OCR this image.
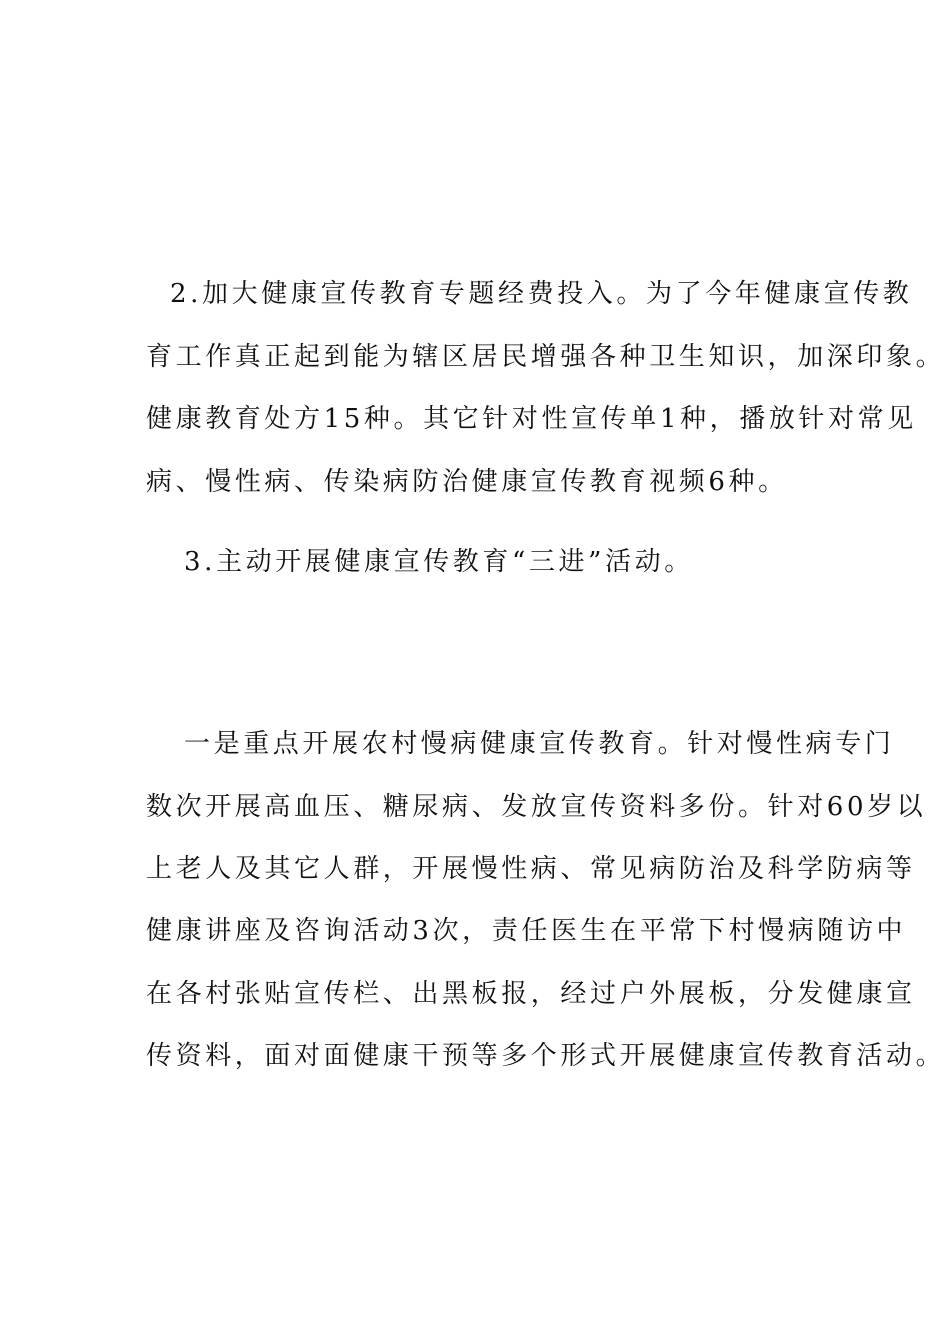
2.加大健康宣传教育专题经费投入。为了今年健康宣传教
育工作真正起到能为辖区居民增强各种卫生知识，加深印象。
健康教育处方15种。其它针对性宣传单1种，播放针对常见
病、慢性病、传染病防治健康宣传教育视频6种。
3.主动开展健康宣传教育“三进”活动。
一是重点开展农村慢病健康宣传教育。针对慢性病专门
数次开展高血压、糖尿病、发放宣传资料多份。针对60岁以
上老人及其它人群，开展慢性病、常见病防治及科学防病等
健康讲座及咨询活动3次，责任医生在平常下村慢病随访中
在各村张贴宣传栏、出黑板报，经过户外展板，分发健康宣
传资料，面对面健康干预等多个形式开展健康宣传教育活动。
